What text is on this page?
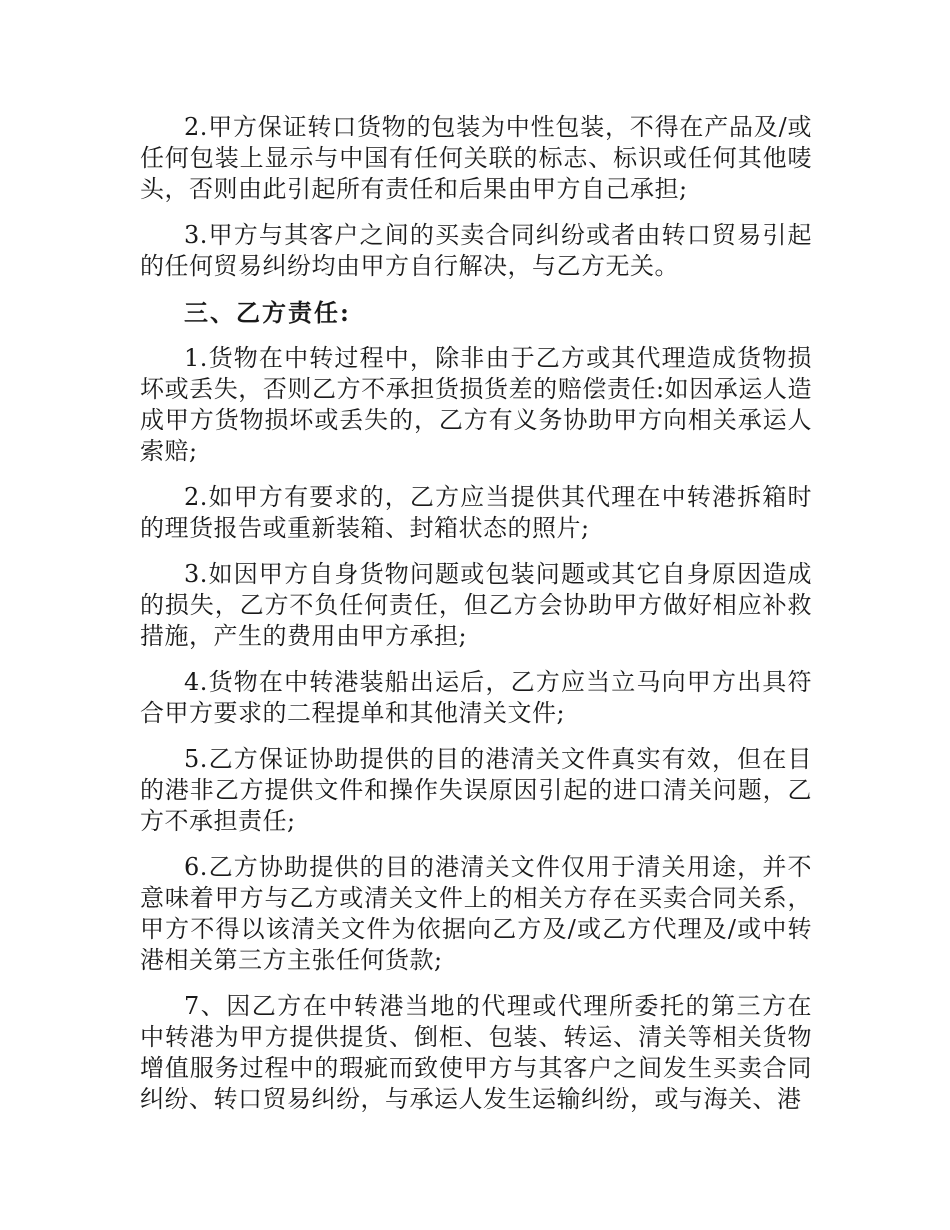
2.甲方保证转口货物的包装为中性包装，不得在产品及/或任何包装上显示与中国有任何关联的标志、标识或任何其他唛头，否则由此引起所有责任和后果由甲方自己承担;

3.甲方与其客户之间的买卖合同纠纷或者由转口贸易引起的任何贸易纠纷均由甲方自行解决，与乙方无关。

三、乙方责任:

1.货物在中转过程中，除非由于乙方或其代理造成货物损坏或丢失，否则乙方不承担货损货差的赔偿责任:如因承运人造成甲方货物损坏或丢失的，乙方有义务协助甲方向相关承运人索赔;

2.如甲方有要求的，乙方应当提供其代理在中转港拆箱时的理货报告或重新装箱、封箱状态的照片;

3.如因甲方自身货物问题或包装问题或其它自身原因造成的损失，乙方不负任何责任，但乙方会协助甲方做好相应补救措施，产生的费用由甲方承担;

4.货物在中转港装船出运后，乙方应当立马向甲方出具符合甲方要求的二程提单和其他清关文件;

5.乙方保证协助提供的目的港清关文件真实有效，但在目的港非乙方提供文件和操作失误原因引起的进口清关问题，乙方不承担责任;

6.乙方协助提供的目的港清关文件仅用于清关用途，并不意味着甲方与乙方或清关文件上的相关方存在买卖合同关系，甲方不得以该清关文件为依据向乙方及/或乙方代理及/或中转港相关第三方主张任何货款;

7、因乙方在中转港当地的代理或代理所委托的第三方在中转港为甲方提供提货、倒柜、包装、转运、清关等相关货物增值服务过程中的瑕疵而致使甲方与其客户之间发生买卖合同纠纷、转口贸易纠纷，与承运人发生运输纠纷，或与海关、港
